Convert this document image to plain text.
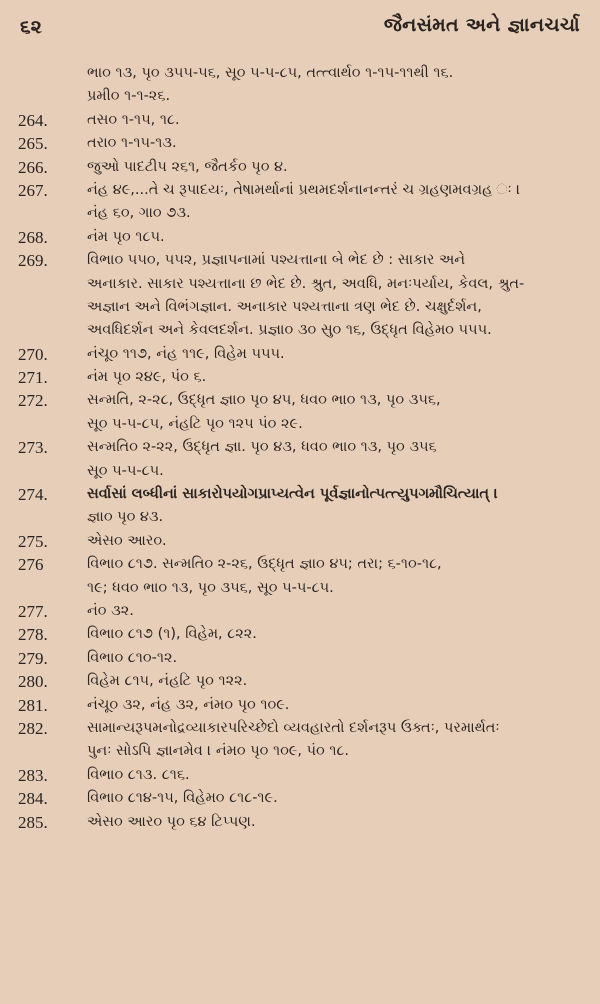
૬૨	જૈનસંમત અને જ્ઞાનચર્ચા
ભા૦ ૧૩, પૃ૦ ૩૫૫-૫૬, સૂ૦ ૫-૫-૮૫, તત્ત્વાર્થ૦ ૧-૧૫-૧૧થી ૧૬.
પ્રમી૦ ૧-૧-૨૬.
264.	તસ૦ ૧-૧૫, ૧૮.
265.	તરા૦ ૧-૧૫-૧૩.
266.	જુઓ પાદટીપ ૨૬૧, જૈતર્ક૦ પૃ૦ ૪.
267.	નંહ ૪૯,...તે ચ રૂપાદયઃ, તેષામર્થાનાં પ્રથમદર્શનાનન્તરં ચ ગ્રહણમવગ્રહ ઃ ।
નંહ ૬૦, ગા૦ ૭૩.
268.	નંમ પૃ૦ ૧૮૫.
269.	વિભા૦ ૫૫૦, ૫૫૨, પ્રજ્ઞાપનામાં પશ્યત્તાના બે ભેદ છે : સાકાર અને
અનાકાર. સાકાર પશ્યત્તાના છ ભેદ છે. શ્રુત, અવધિ, મનઃપર્યાય, કેવલ, શ્રુત-
અજ્ઞાન અને વિભંગજ્ઞાન. અનાકાર પશ્યત્તાના ત્રણ ભેદ છે. ચક્ષુર્દર્શન,
અવધિદર્શન અને કેવલદર્શન. પ્રજ્ઞા૦ ૩૦ સુ૦ ૧૬, ઉદ્ધૃત વિહેમ૦ ૫૫૫.
270.	નંચૂ૦ ૧૧૭, નંહ ૧૧૯, વિહેમ ૫૫૫.
271.	નંમ પૃ૦ ૨૪૯, પં૦ ૬.
272.	સન્મતિ, ૨-૨૮, ઉદ્ધૃત જ્ઞા૦ પૃ૦ ૪૫, ધવ૦ ભા૦ ૧૩, પૃ૦ ૩૫૬,
સૂ૦ ૫-૫-૮૫, નંહટિ પૃ૦ ૧૨૫ પં૦ ૨૯.
273.	સન્મતિ૦ ૨-૨૨, ઉદ્ધૃત જ્ઞા. પૃ૦ ૪૩, ધવ૦ ભા૦ ૧૩, પૃ૦ ૩૫૬
સૂ૦ ૫-૫-૮૫.
274.	સર્વાસાં લબ્ધીનાં સાકારોપયોગપ્રાપ્યત્વેન પૂર્વજ્ઞાનોત્પત્ત્યુપગમૌચિત્યાત્ ।
જ્ઞા૦ પૃ૦ ૪૩.
275.	એસ૦ આર૦.
276	વિભા૦ ૮૧૭. સન્મતિ૦ ૨-૨૬, ઉદ્ધૃત જ્ઞા૦ ૪૫; તરા; ૬-૧૦-૧૮,
૧૯; ધવ૦ ભા૦ ૧૩, પૃ૦ ૩૫૬, સૂ૦ ૫-૫-૮૫.
277.	નં૦ ૩૨.
278.	વિભા૦ ૮૧૭ (૧), વિહેમ, ૮૨૨.
279.	વિભા૦ ૮૧૦-૧૨.
280.	વિહેમ ૮૧૫, નંહટિ પૃ૦ ૧૨૨.
281.	નંચૂ૦ ૩૨, નંહ ૩૨, નંમ૦ પૃ૦ ૧૦૯.
282.	સામાન્યરૂપમનોદ્રવ્યાકારપરિચ્છેદો વ્યવહારતો દર્શનરૂપ ઉક્તઃ, પરમાર્થતઃ
પુનઃ સોઽપિ જ્ઞાનમેવ । નંમ૦ પૃ૦ ૧૦૯, પં૦ ૧૮.
283.	વિભા૦ ૮૧૩. ૮૧૬.
284.	વિભા૦ ૮૧૪-૧૫, વિહેમ૦ ૮૧૮-૧૯.
285.	એસ૦ આર૦ પૃ૦ ૬૪ ટિપ્પણ.
